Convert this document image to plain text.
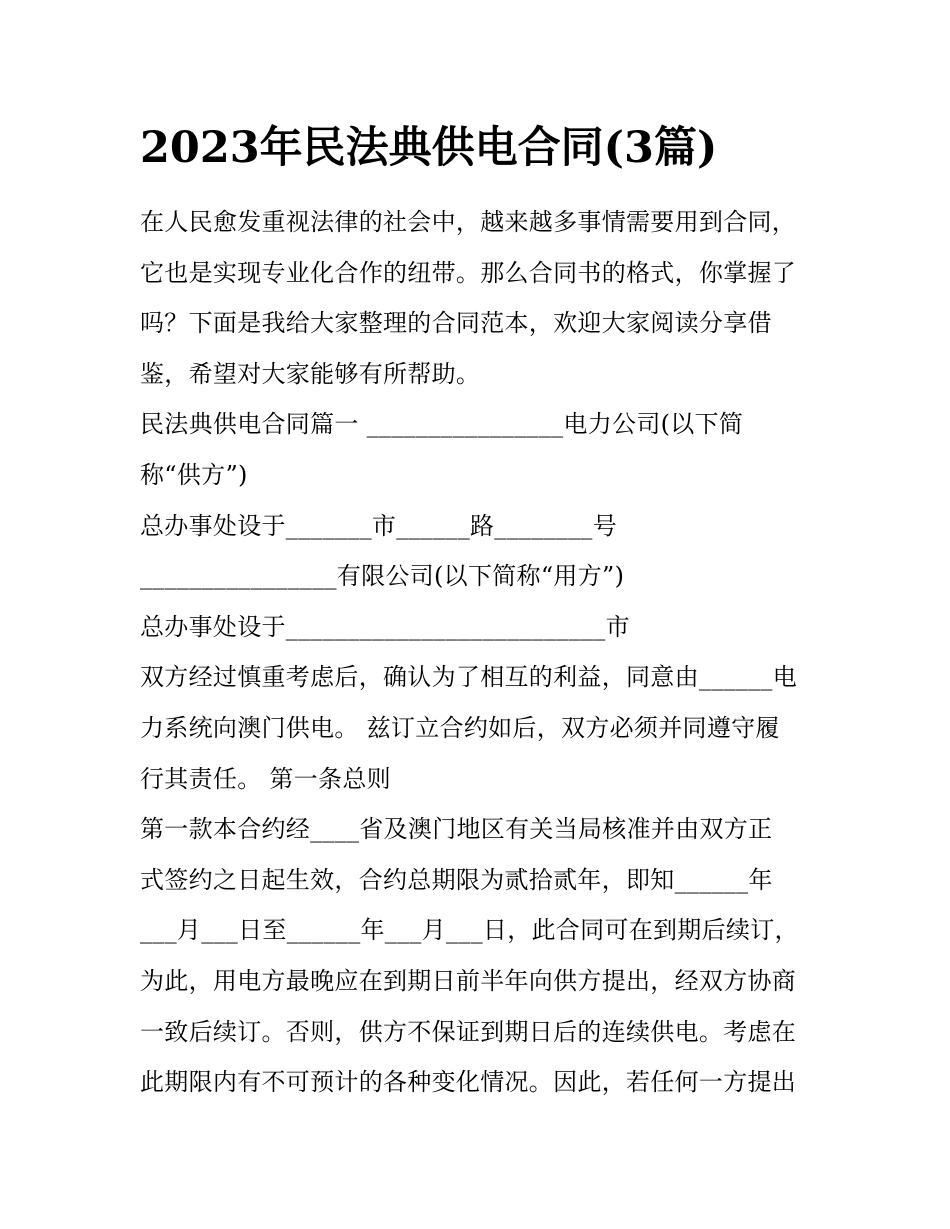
2023年民法典供电合同(3篇)
在人民愈发重视法律的社会中，越来越多事情需要用到合同，
它也是实现专业化合作的纽带。那么合同书的格式，你掌握了
吗？下面是我给大家整理的合同范本，欢迎大家阅读分享借
鉴，希望对大家能够有所帮助。
民法典供电合同篇一 ________________电力公司(以下简
称“供方”)
总办事处设于_______市______路________号
________________有限公司(以下简称“用方”)
总办事处设于__________________________市
双方经过慎重考虑后，确认为了相互的利益，同意由______电
力系统向澳门供电。 兹订立合约如后，双方必须并同遵守履
行其责任。 第一条总则
第一款本合约经____省及澳门地区有关当局核准并由双方正
式签约之日起生效，合约总期限为贰拾贰年，即知______年
___月___日至______年___月___日，此合同可在到期后续订，
为此，用电方最晚应在到期日前半年向供方提出，经双方协商
一致后续订。否则，供方不保证到期日后的连续供电。考虑在
此期限内有不可预计的各种变化情况。因此，若任何一方提出
